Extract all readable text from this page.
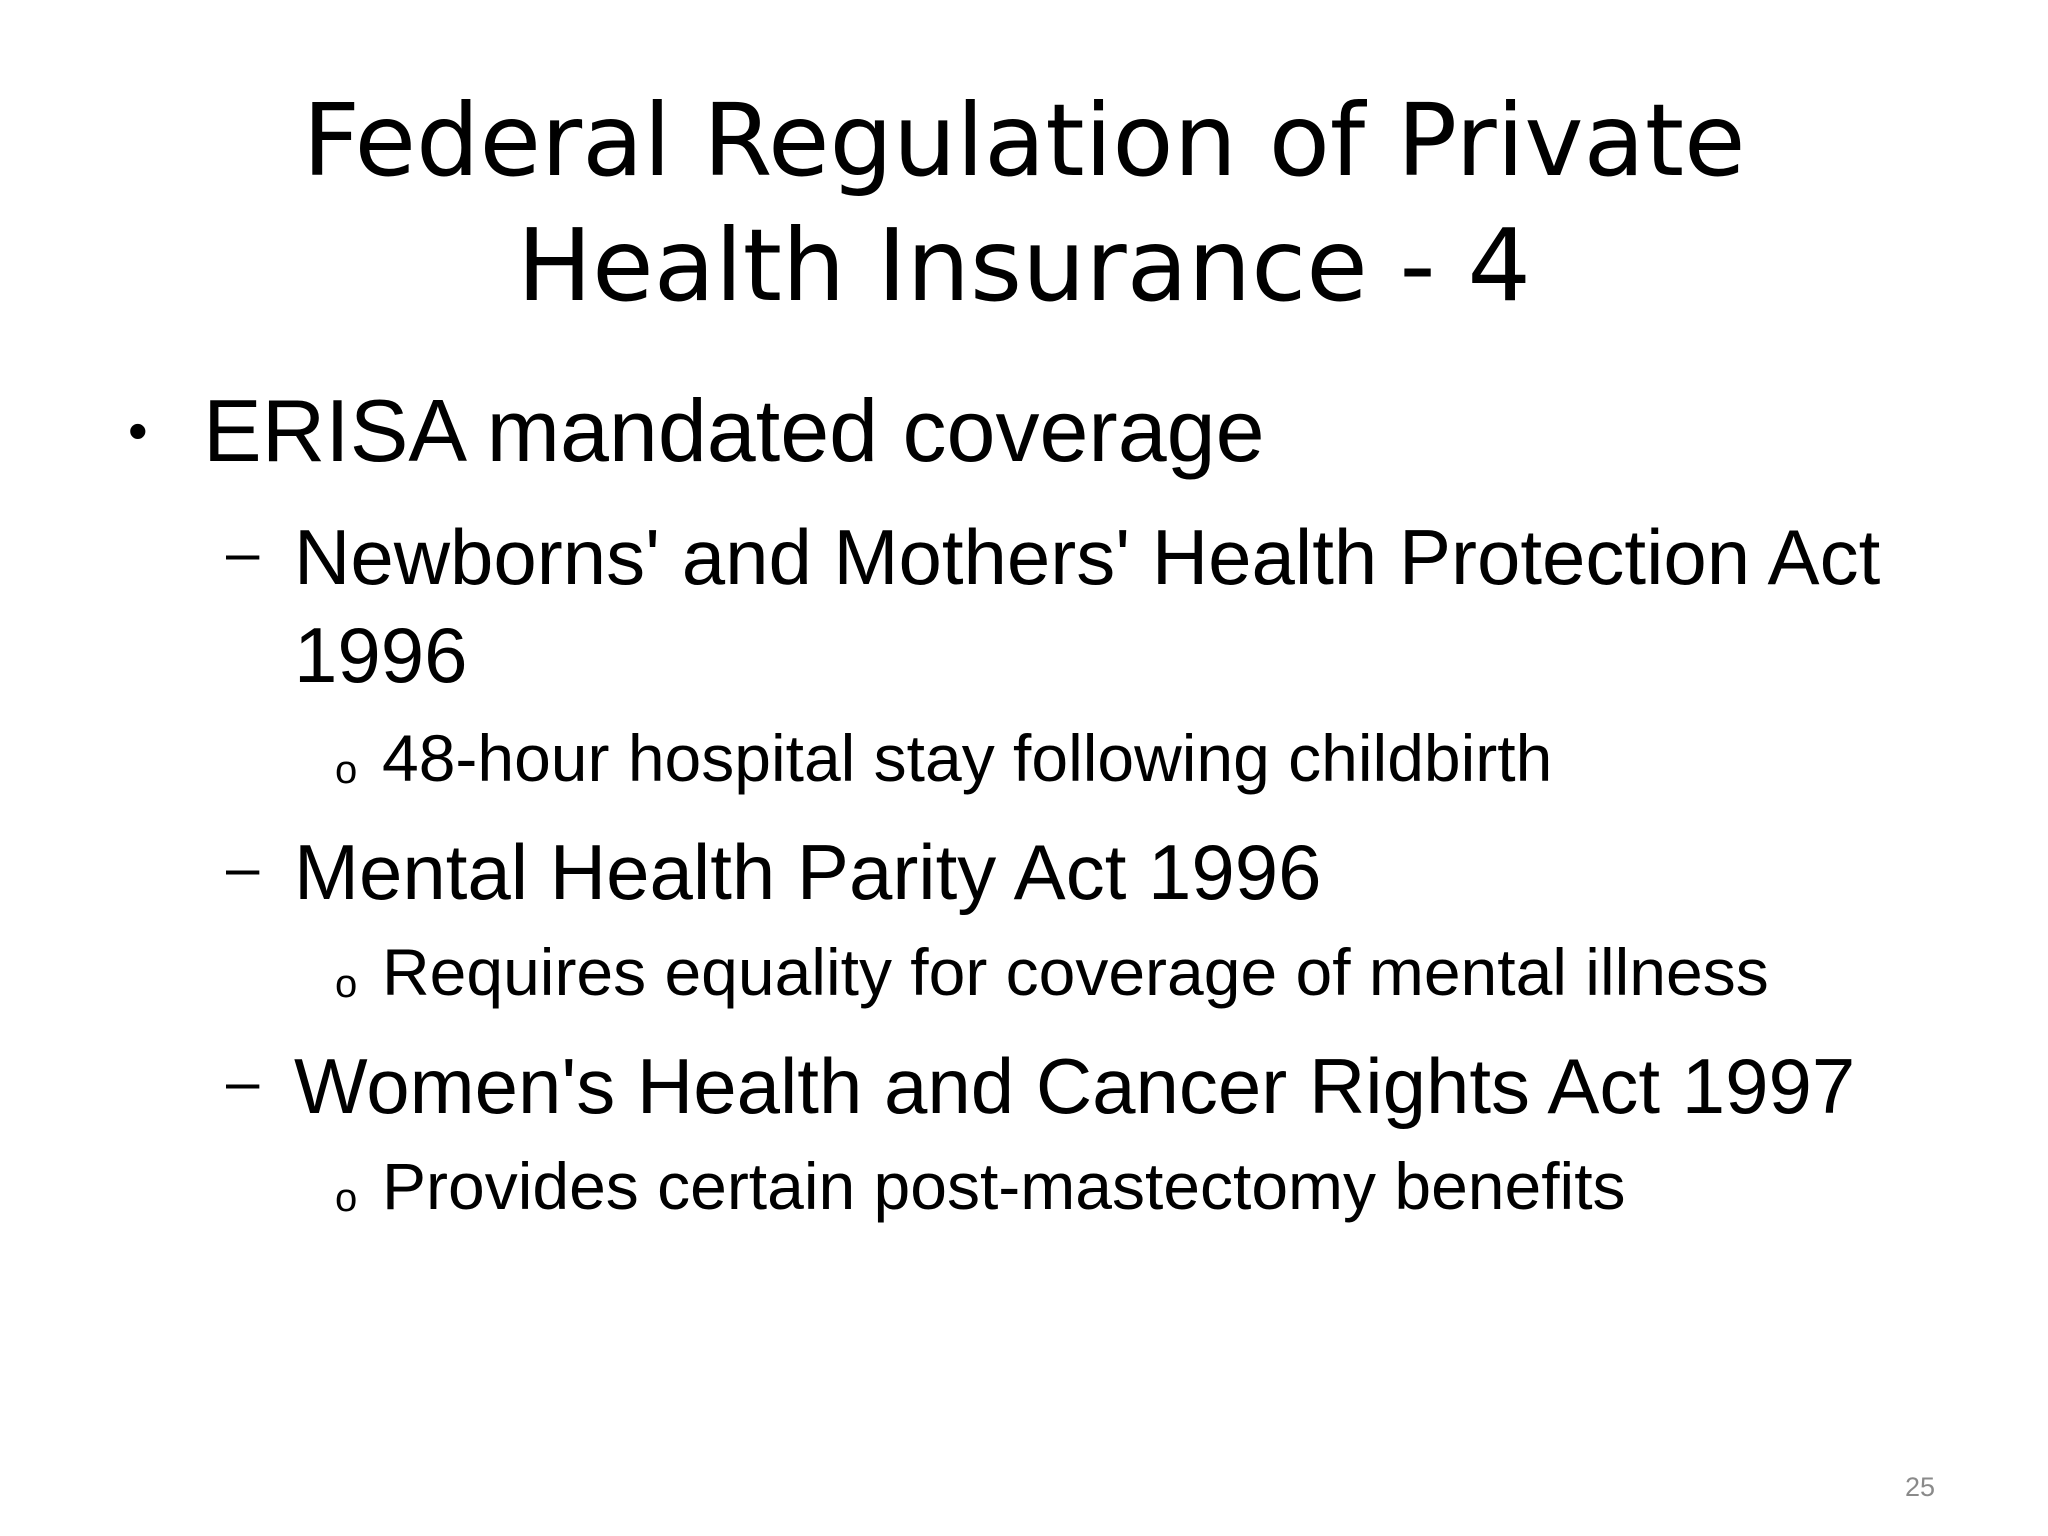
Federal Regulation of Private
Health Insurance - 4
• ERISA mandated coverage
– Newborns' and Mothers' Health Protection Act
1996
o 48-hour hospital stay following childbirth
– Mental Health Parity Act 1996
o Requires equality for coverage of mental illness
– Women's Health and Cancer Rights Act 1997
o Provides certain post-mastectomy benefits
25
